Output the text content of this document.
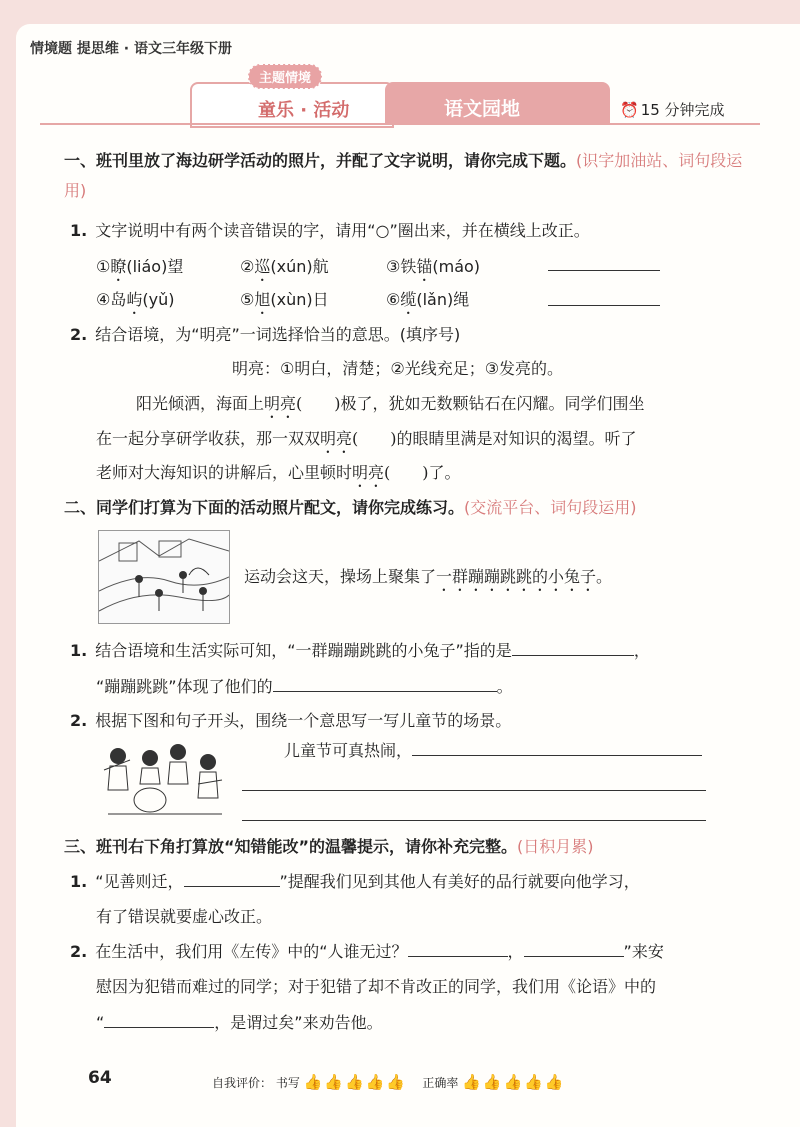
情境题 提思维 · 语文三年级下册
主题情境
童乐 · 活动	语文园地	⏰ 15 分钟完成
一、班刊里放了海边研学活动的照片，并配了文字说明，请你完成下题。(识字加油站、词句段运用)
1. 文字说明中有两个读音错误的字，请用“○”圈出来，并在横线上改正。
①瞭(liáo)望	②巡(xún)航	③铁锚(máo)
④岛屿(yǔ)	⑤旭(xùn)日	⑥缆(lǎn)绳
2. 结合语境，为“明亮”一词选择恰当的意思。(填序号)
明亮：①明白，清楚；②光线充足；③发亮的。
阳光倾洒，海面上明亮(　　)极了，犹如无数颗钻石在闪耀。同学们围坐
在一起分享研学收获，那一双双明亮(　　)的眼睛里满是对知识的渴望。听了
老师对大海知识的讲解后，心里顿时明亮(　　)了。
二、同学们打算为下面的活动照片配文，请你完成练习。(交流平台、词句段运用)
运动会这天，操场上聚集了一群蹦蹦跳跳的小兔子。
1. 结合语境和生活实际可知，“一群蹦蹦跳跳的小兔子”指的是	，
“蹦蹦跳跳”体现了他们的	。
2. 根据下图和句子开头，围绕一个意思写一写儿童节的场景。
儿童节可真热闹，
三、班刊右下角打算放“知错能改”的温馨提示，请你补充完整。(日积月累)
1. “见善则迁，	”提醒我们见到其他人有美好的品行就要向他学习，
有了错误就要虚心改正。
2. 在生活中，我们用《左传》中的“人谁无过？	，	”来安
慰因为犯错而难过的同学；对于犯错了却不肯改正的同学，我们用《论语》中的
“	，是谓过矣”来劝告他。
64	自我评价： 书写 👍👍👍👍👍 正确率 👍👍👍👍👍
